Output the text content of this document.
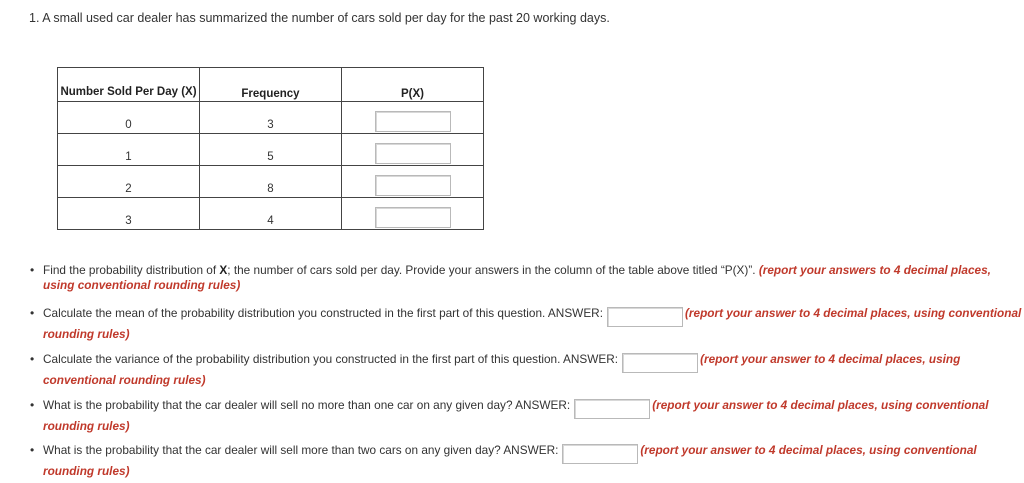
1. A small used car dealer has summarized the number of cars sold per day for the past 20 working days.
Number Sold Per Day (X)	Frequency	P(X)
0	3	
1	5	
2	8	
3	4	
• Find the probability distribution of X; the number of cars sold per day. Provide your answers in the column of the table above titled “P(X)”. (report your answers to 4 decimal places, using conventional rounding rules)
• Calculate the mean of the probability distribution you constructed in the first part of this question. ANSWER:	(report your answer to 4 decimal places, using conventional rounding rules)
• Calculate the variance of the probability distribution you constructed in the first part of this question. ANSWER:	(report your answer to 4 decimal places, using conventional rounding rules)
• What is the probability that the car dealer will sell no more than one car on any given day? ANSWER:	(report your answer to 4 decimal places, using conventional rounding rules)
• What is the probability that the car dealer will sell more than two cars on any given day? ANSWER:	(report your answer to 4 decimal places, using conventional rounding rules)
